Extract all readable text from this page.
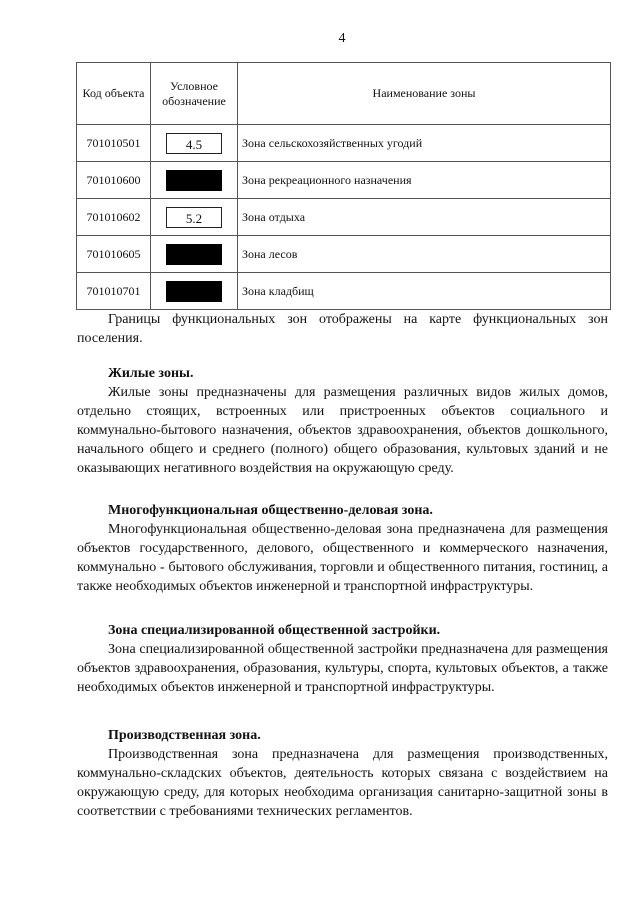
4
Код объекта	Условное обозначение	Наименование зоны
701010501	4.5	Зона сельскохозяйственных угодий
701010600		Зона рекреационного назначения
701010602	5.2	Зона отдыха
701010605		Зона лесов
701010701		Зона кладбищ

Границы функциональных зон отображены на карте функциональных зон поселения.

Жилые зоны.

Жилые зоны предназначены для размещения различных видов жилых домов, отдельно стоящих, встроенных или пристроенных объектов социального и коммунально-бытового назначения, объектов здравоохранения, объектов дошкольного, начального общего и среднего (полного) общего образования, культовых зданий и не оказывающих негативного воздействия на окружающую среду.

Многофункциональная общественно-деловая зона.

Многофункциональная общественно-деловая зона предназначена для размещения объектов государственного, делового, общественного и коммерческого назначения, коммунально - бытового обслуживания, торговли и общественного питания, гостиниц, а также необходимых объектов инженерной и транспортной инфраструктуры.

Зона специализированной общественной застройки.

Зона специализированной общественной застройки предназначена для размещения объектов здравоохранения, образования, культуры, спорта, культовых объектов, а также необходимых объектов инженерной и транспортной инфраструктуры.

Производственная зона.

Производственная зона предназначена для размещения производственных, коммунально-складских объектов, деятельность которых связана с воздействием на окружающую среду, для которых необходима организация санитарно-защитной зоны в соответствии с требованиями технических регламентов.
